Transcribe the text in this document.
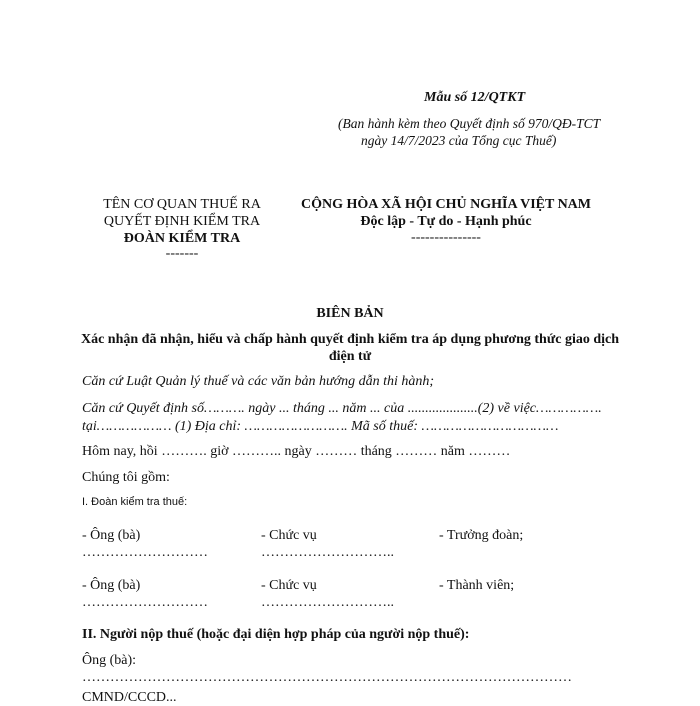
Mẫu số 12/QTKT
(Ban hành kèm theo Quyết định số 970/QĐ-TCT
ngày 14/7/2023 của Tổng cục Thuế)
TÊN CƠ QUAN THUẾ RA
QUYẾT ĐỊNH KIỂM TRA
ĐOÀN KIỂM TRA
-------
CỘNG HÒA XÃ HỘI CHỦ NGHĨA VIỆT NAM
Độc lập - Tự do - Hạnh phúc
---------------
BIÊN BẢN
Xác nhận đã nhận, hiểu và chấp hành quyết định kiểm tra áp dụng phương thức giao dịch
điện tử
Căn cứ Luật Quản lý thuế và các văn bản hướng dẫn thi hành;
Căn cứ Quyết định số………. ngày ... tháng ... năm ... của ....................(2) về việc…………….
tại……………… (1) Địa chỉ: ……………………. Mã số thuế: ……………………………
Hôm nay, hồi ………. giờ ……….. ngày ……… tháng ……… năm ………
Chúng tôi gồm:
I. Đoàn kiểm tra thuế:
- Ông (bà)
………………………
- Chức vụ
………………………..
- Trưởng đoàn;
- Ông (bà)
………………………
- Chức vụ
………………………..
- Thành viên;
II. Người nộp thuế (hoặc đại diện hợp pháp của người nộp thuế):
Ông (bà):
……………………………………………………………………………………………
CMND/CCCD...
